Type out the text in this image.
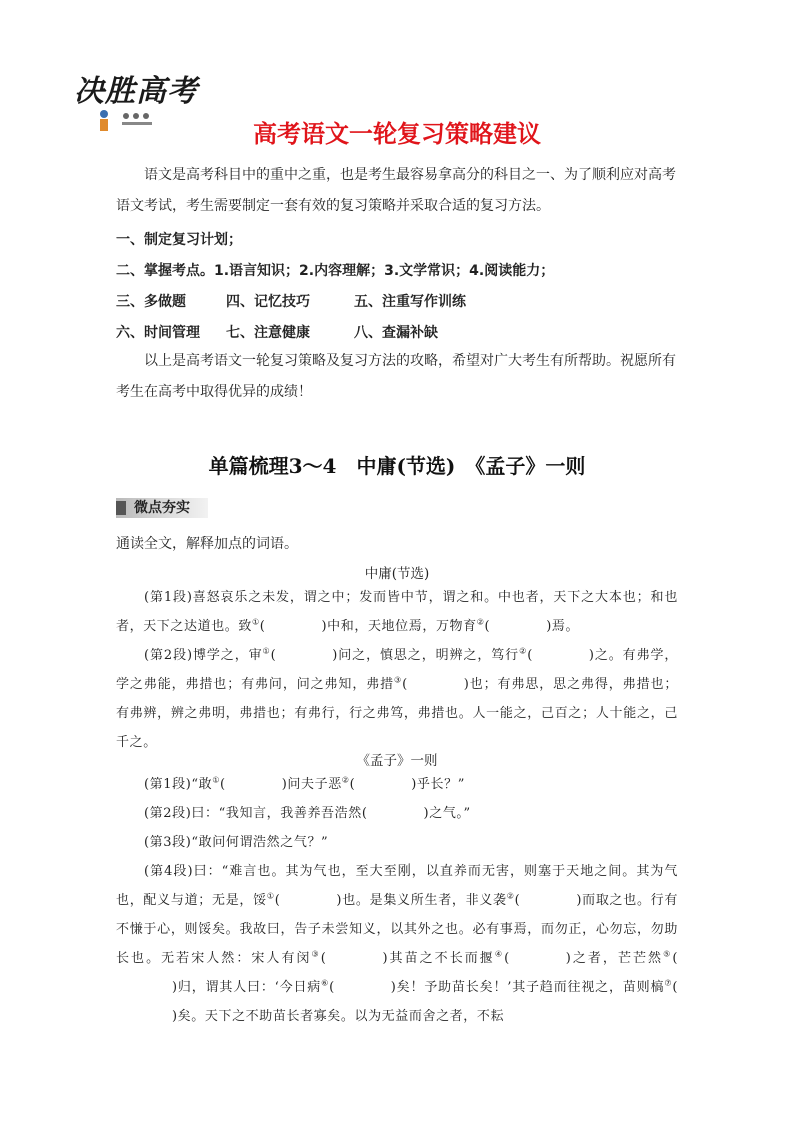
决胜高考
高考语文一轮复习策略建议
语文是高考科目中的重中之重，也是考生最容易拿高分的科目之一、为了顺利应对高考语文考试，考生需要制定一套有效的复习策略并采取合适的复习方法。
一、制定复习计划；
二、掌握考点。1.语言知识；2.内容理解；3.文学常识；4.阅读能力；
三、多做题	四、记忆技巧	五、注重写作训练
六、时间管理 七、注意健康	八、查漏补缺
以上是高考语文一轮复习策略及复习方法的攻略，希望对广大考生有所帮助。祝愿所有考生在高考中取得优异的成绩！
单篇梳理3～4　中庸(节选)　《孟子》一则
微点夯实
通读全文，解释加点的词语。
中庸(节选)

(第1段)喜怒哀乐之未发，谓之中；发而皆中节，谓之和。中也者，天下之大本也；和也者，天下之达道也。致①(	)中和，天地位焉，万物育②(	)焉。

(第2段)博学之，审①(	)问之，慎思之，明辨之，笃行②(	)之。有弗学，学之弗能，弗措也；有弗问，问之弗知，弗措③(	)也；有弗思，思之弗得，弗措也；有弗辨，辨之弗明，弗措也；有弗行，行之弗笃，弗措也。人一能之，己百之；人十能之，己千之。

《孟子》一则

(第1段)“敢①(	)问夫子恶②(	)乎长？”

(第2段)曰：“我知言，我善养吾浩然(	)之气。”

(第3段)“敢问何谓浩然之气？”

(第4段)曰：“难言也。其为气也，至大至刚，以直养而无害，则塞于天地之间。其为气也，配义与道；无是，馁①(	)也。是集义所生者，非义袭②(	)而取之也。行有不慊于心，则馁矣。我故曰，告子未尝知义，以其外之也。必有事焉，而勿正，心勿忘，勿助长也。无若宋人然：宋人有闵③(	)其苗之不长而揠④(	)之者，芒芒然⑤()归，谓其人曰：‘今日病⑥(	)矣！予助苗长矣！’其子趋而往视之，苗则槁⑦()矣。天下之不助苗长者寡矣。以为无益而舍之者，不耘
